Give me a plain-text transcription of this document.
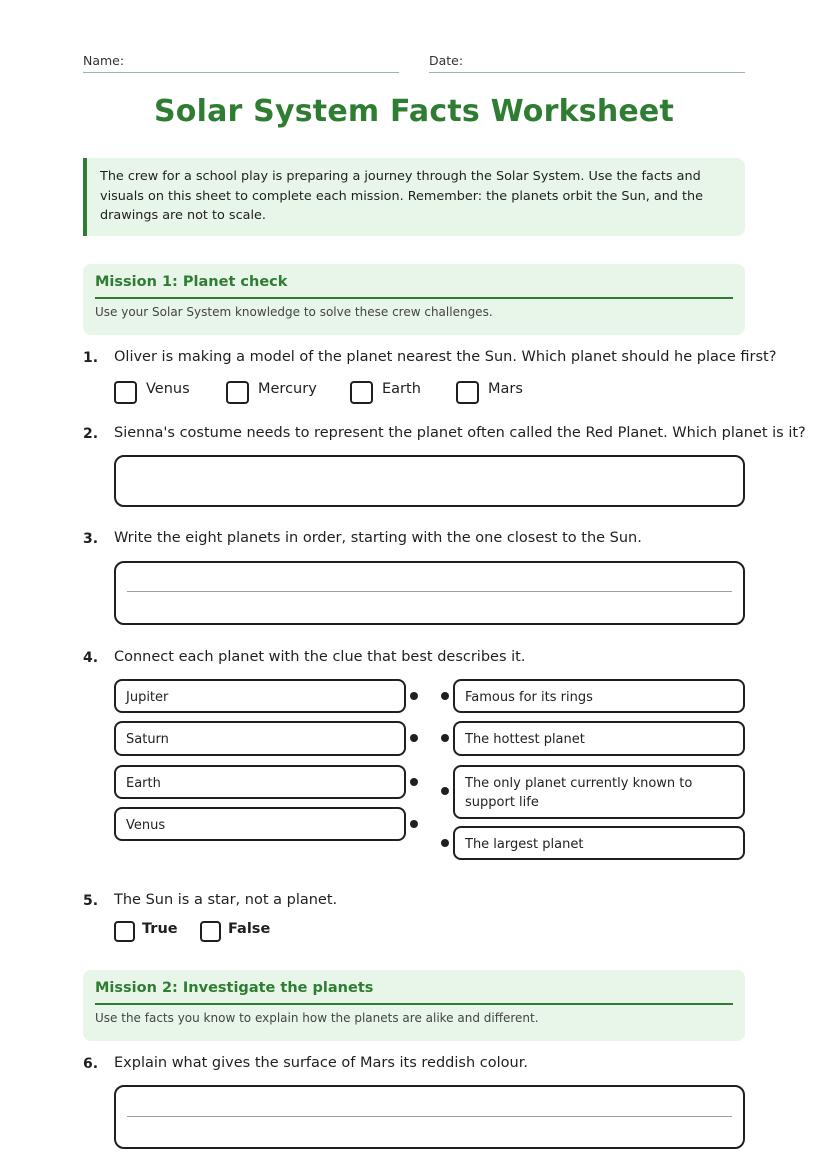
Name:	Date:
Solar System Facts Worksheet
The crew for a school play is preparing a journey through the Solar System. Use the facts and visuals on this sheet to complete each mission. Remember: the planets orbit the Sun, and the drawings are not to scale.
Mission 1: Planet check
Use your Solar System knowledge to solve these crew challenges.
1. Oliver is making a model of the planet nearest the Sun. Which planet should he place first?
Venus	Mercury	Earth	Mars
2. Sienna's costume needs to represent the planet often called the Red Planet. Which planet is it?
3. Write the eight planets in order, starting with the one closest to the Sun.
4. Connect each planet with the clue that best describes it.
Jupiter
Saturn
Earth
Venus
Famous for its rings
The hottest planet
The only planet currently known to support life
The largest planet
5. The Sun is a star, not a planet.
True	False
Mission 2: Investigate the planets
Use the facts you know to explain how the planets are alike and different.
6. Explain what gives the surface of Mars its reddish colour.
